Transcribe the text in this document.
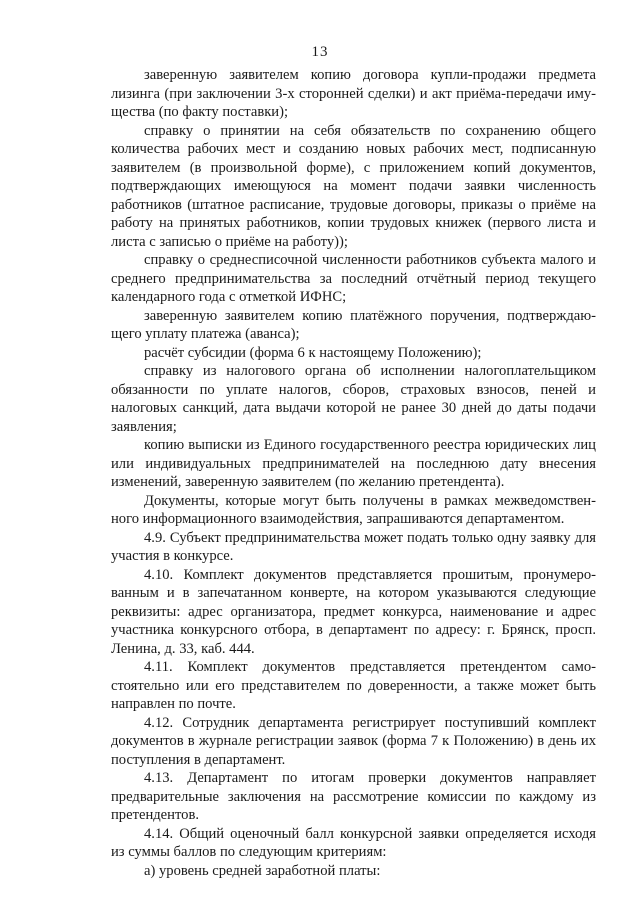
13

заверенную заявителем копию договора купли-продажи предмета лизинга (при заключении 3-х сторонней сделки) и акт приёма-передачи имущества (по факту поставки);

справку о принятии на себя обязательств по сохранению общего количества рабочих мест и созданию новых рабочих мест, подписанную заявителем (в произвольной форме), с приложением копий документов, подтверждающих имеющуюся на момент подачи заявки численность работников (штатное расписание, трудовые договоры, приказы о приёме на работу на принятых работников, копии трудовых книжек (первого листа и листа с записью о приёме на работу));

справку о среднесписочной численности работников субъекта малого и среднего предпринимательства за последний отчётный период текущего календарного года с отметкой ИФНС;

заверенную заявителем копию платёжного поручения, подтверждающего уплату платежа (аванса);

расчёт субсидии (форма 6 к настоящему Положению);

справку из налогового органа об исполнении налогоплательщиком обязанности по уплате налогов, сборов, страховых взносов, пеней и налоговых санкций, дата выдачи которой не ранее 30 дней до даты подачи заявления;

копию выписки из Единого государственного реестра юридических лиц или индивидуальных предпринимателей на последнюю дату внесения изменений, заверенную заявителем (по желанию претендента).

Документы, которые могут быть получены в рамках межведомственного информационного взаимодействия, запрашиваются департаментом.

4.9. Субъект предпринимательства может подать только одну заявку для участия в конкурсе.

4.10. Комплект документов представляется прошитым, пронумерованным и в запечатанном конверте, на котором указываются следующие реквизиты: адрес организатора, предмет конкурса, наименование и адрес участника конкурсного отбора, в департамент по адресу: г. Брянск, просп. Ленина, д. 33, каб. 444.

4.11. Комплект документов представляется претендентом самостоятельно или его представителем по доверенности, а также может быть направлен по почте.

4.12. Сотрудник департамента регистрирует поступивший комплект документов в журнале регистрации заявок (форма 7 к Положению) в день их поступления в департамент.

4.13. Департамент по итогам проверки документов направляет предварительные заключения на рассмотрение комиссии по каждому из претендентов.

4.14. Общий оценочный балл конкурсной заявки определяется исходя из суммы баллов по следующим критериям:

а) уровень средней заработной платы:
